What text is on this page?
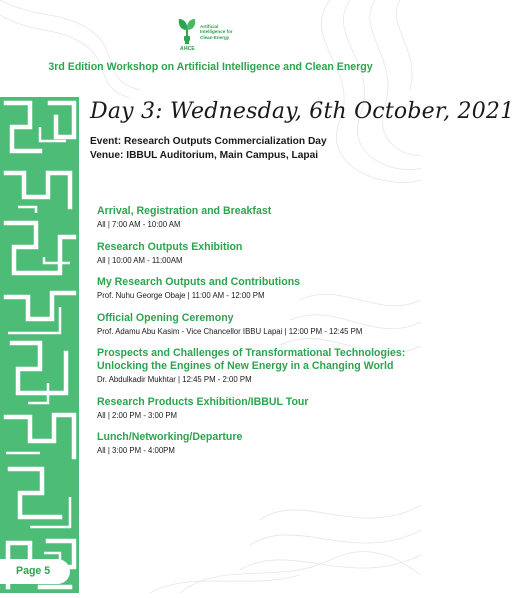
Artificial
Intelligence for
Clean Energy
AI4CE
3rd Edition Workshop on Artificial Intelligence and Clean Energy
Page 5
Day 3: Wednesday, 6th October, 2021
Event: Research Outputs Commercialization Day
Venue: IBBUL Auditorium, Main Campus, Lapai
Arrival, Registration and Breakfast
All | 7:00 AM - 10:00 AM
Research Outputs Exhibition
All | 10:00 AM - 11:00AM
My Research Outputs and Contributions
Prof. Nuhu George Obaje | 11:00 AM - 12:00 PM
Official Opening Ceremony
Prof. Adamu Abu Kasim - Vice Chancellor IBBU Lapai | 12:00 PM - 12:45 PM
Prospects and Challenges of Transformational Technologies: Unlocking the Engines of New Energy in a Changing World
Dr. Abdulkadir Mukhtar | 12:45 PM - 2:00 PM
Research Products Exhibition/IBBUL Tour
All | 2:00 PM - 3:00 PM
Lunch/Networking/Departure
All | 3:00 PM - 4:00PM
